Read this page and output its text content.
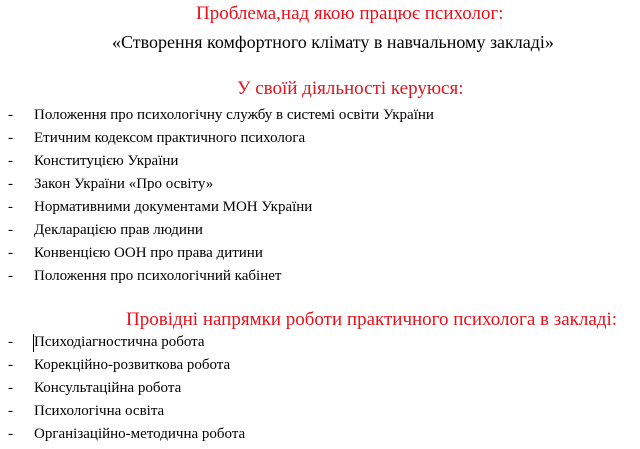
Проблема,над якою працює психолог:
«Створення комфортного клімату в навчальному закладі»
У своїй діяльності керуюся:
- Положення про психологічну службу в системі освіти України
- Етичним кодексом практичного психолога
- Конституцією України
- Закон України «Про освіту»
- Нормативними документами МОН України
- Декларацією прав людини
- Конвенцією ООН про права дитини
- Положення про психологічний кабінет
Провідні напрямки роботи практичного психолога в закладі:
- Психодіагностична робота
- Корекційно-розвиткова робота
- Консультаційна робота
- Психологічна освіта
- Організаційно-методична робота
